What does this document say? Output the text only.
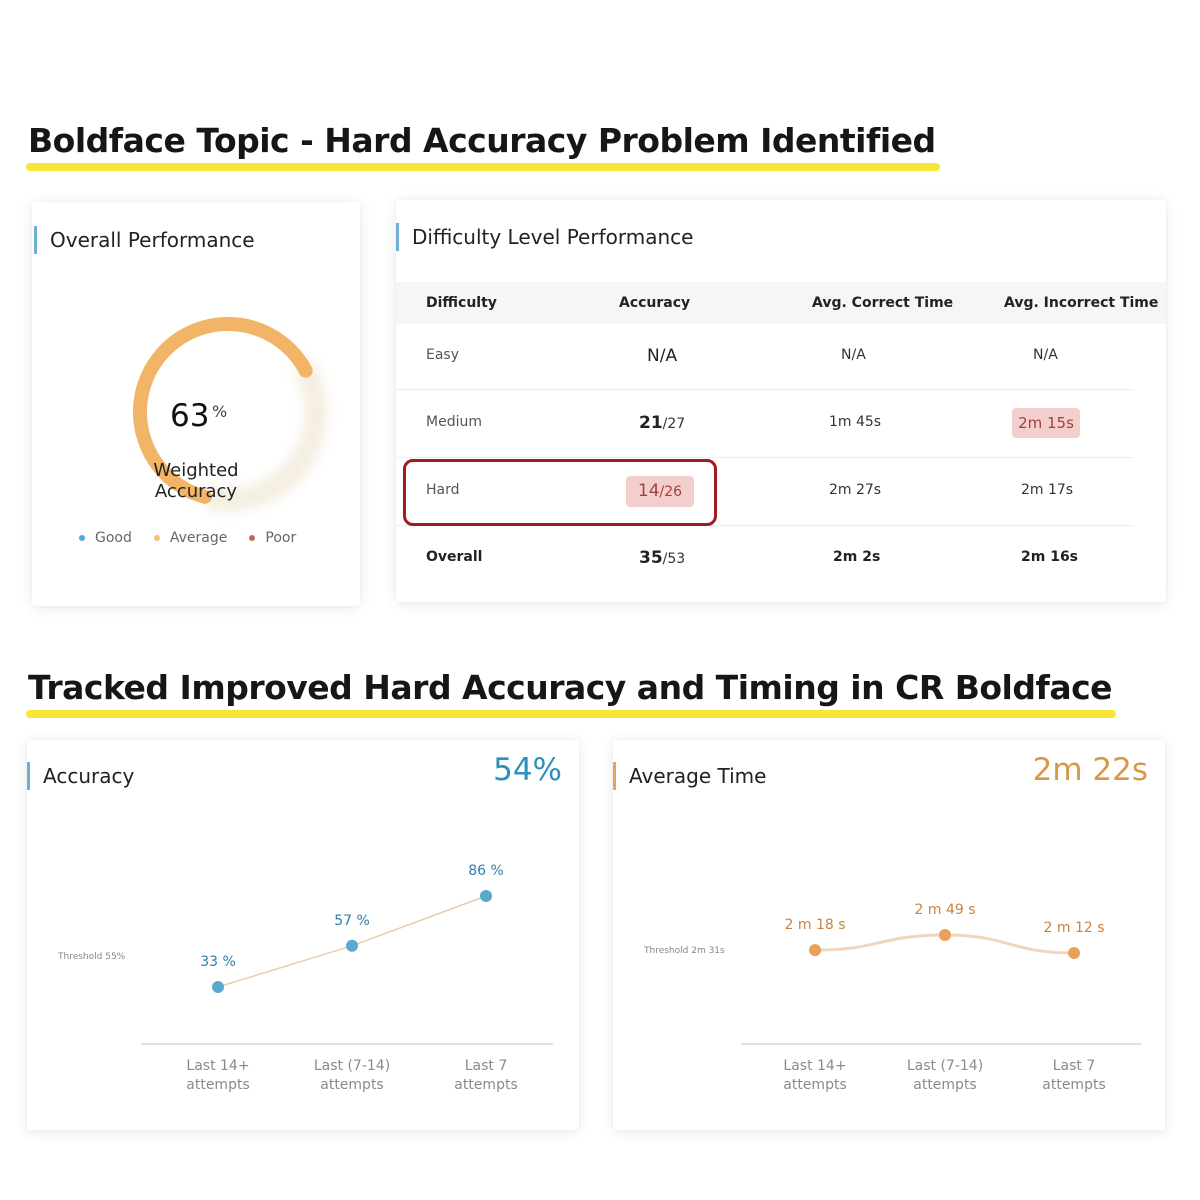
Boldface Topic - Hard Accuracy Problem Identified
Overall Performance
63 %
Weighted
Accuracy
Good	Average	Poor
Difficulty Level Performance
Difficulty	Accuracy	Avg. Correct Time	Avg. Incorrect Time
Easy	N/A	N/A	N/A
Medium	21/27	1m 45s	2m 15s
Hard	14/26	2m 27s	2m 17s
Overall	35/53	2m 2s	2m 16s
Tracked Improved Hard Accuracy and Timing in CR Boldface
Accuracy	54%
Threshold 55%	33 %
57 %
86 %
Last 14+
attempts
Last (7-14)
attempts
Last 7
attempts
Average Time	2m 22s
Threshold 2m 31s
2 m 18 s
2 m 49 s
2 m 12 s
Last 14+
attempts
Last (7-14)
attempts
Last 7
attempts
